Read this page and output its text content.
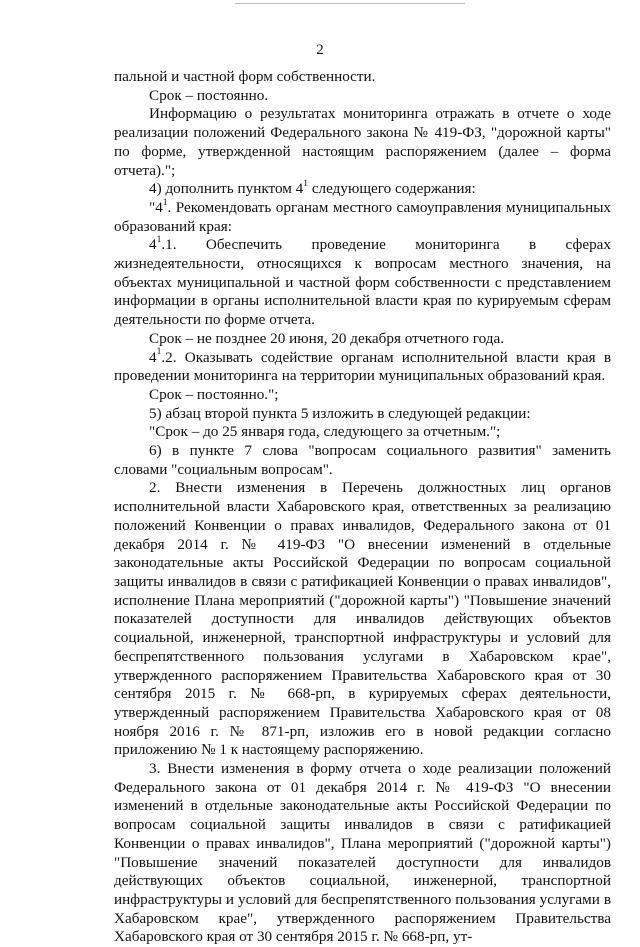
2

пальной и частной форм собственности.

Срок – постоянно.

Информацию о результатах мониторинга отражать в отчете о ходе реализации положений Федерального закона № 419-ФЗ, "дорожной карты" по форме, утвержденной настоящим распоряжением (далее – форма отчета).";

4) дополнить пунктом $4^1$ следующего содержания:

"$4^1$. Рекомендовать органам местного самоуправления муниципальных образований края:

$4^1.1$. Обеспечить проведение мониторинга в сферах жизнедеятельности, относящихся к вопросам местного значения, на объектах муниципальной и частной форм собственности с представлением информации в органы исполнительной власти края по курируемым сферам деятельности по форме отчета.

Срок – не позднее 20 июня, 20 декабря отчетного года.

$4^1.2$. Оказывать содействие органам исполнительной власти края в проведении мониторинга на территории муниципальных образований края.

Срок – постоянно.";

5) абзац второй пункта 5 изложить в следующей редакции:

"Срок – до 25 января года, следующего за отчетным.";

6) в пункте 7 слова "вопросам социального развития" заменить словами "социальным вопросам".

2. Внести изменения в Перечень должностных лиц органов исполнительной власти Хабаровского края, ответственных за реализацию положений Конвенции о правах инвалидов, Федерального закона от 01 декабря 2014 г. № 419-ФЗ "О внесении изменений в отдельные законодательные акты Российской Федерации по вопросам социальной защиты инвалидов в связи с ратификацией Конвенции о правах инвалидов", исполнение Плана мероприятий ("дорожной карты") "Повышение значений показателей доступности для инвалидов действующих объектов социальной, инженерной, транспортной инфраструктуры и условий для беспрепятственного пользования услугами в Хабаровском крае", утвержденного распоряжением Правительства Хабаровского края от 30 сентября 2015 г. № 668-рп, в курируемых сферах деятельности, утвержденный распоряжением Правительства Хабаровского края от 08 ноября 2016 г. № 871-рп, изложив его в новой редакции согласно приложению № 1 к настоящему распоряжению.

3. Внести изменения в форму отчета о ходе реализации положений Федерального закона от 01 декабря 2014 г. № 419-ФЗ "О внесении изменений в отдельные законодательные акты Российской Федерации по вопросам социальной защиты инвалидов в связи с ратификацией Конвенции о правах инвалидов", Плана мероприятий ("дорожной карты") "Повышение значений показателей доступности для инвалидов действующих объектов социальной, инженерной, транспортной инфраструктуры и условий для беспрепятственного пользования услугами в Хабаровском крае", утвержденного распоряжением Правительства Хабаровского края от 30 сентября 2015 г. № 668-рп, ут-
